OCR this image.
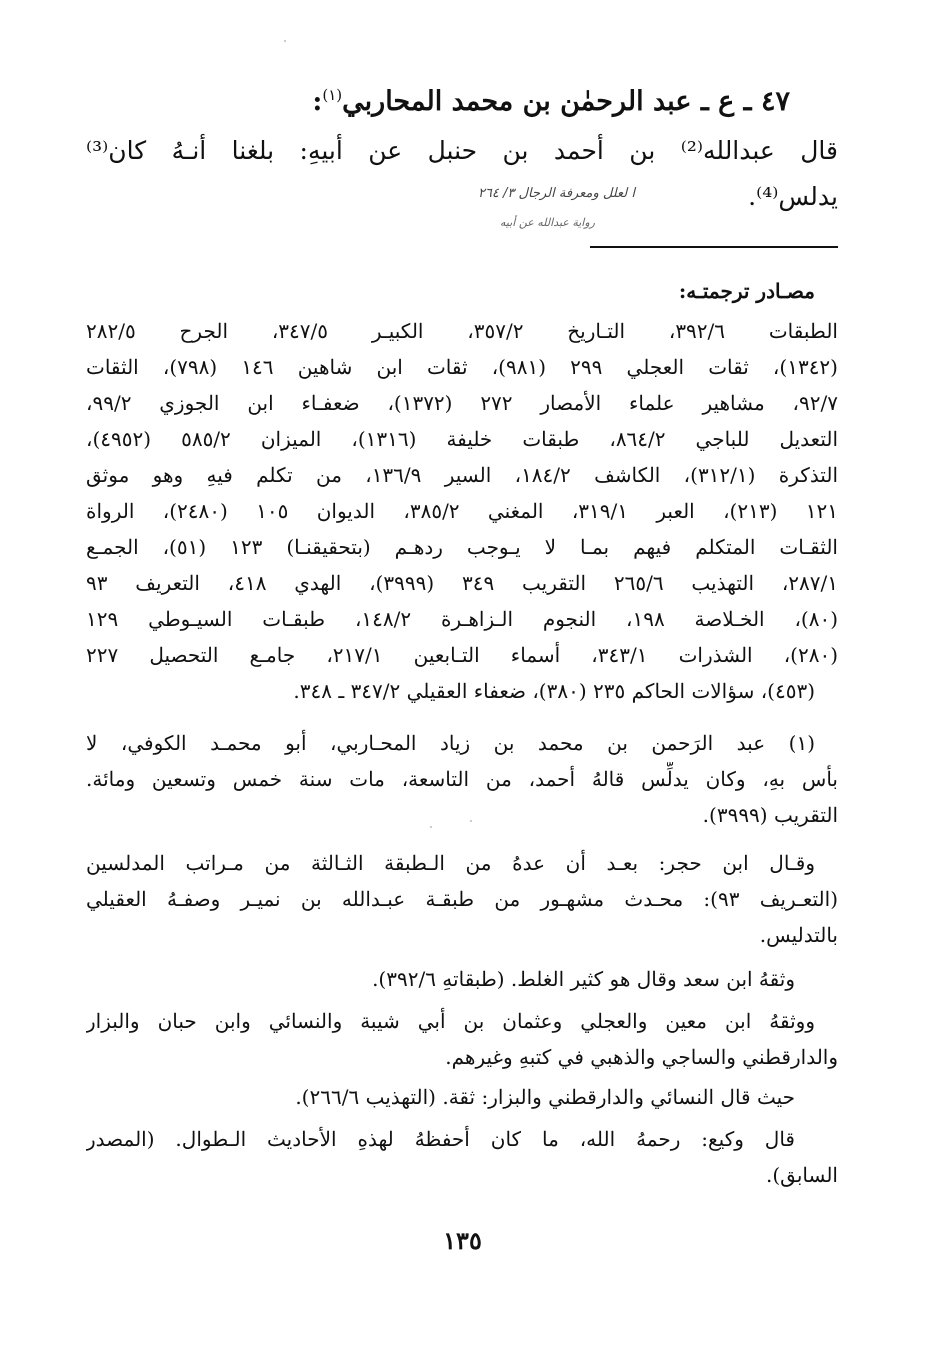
٤٧ ـ ع ـ عبد الرحمٰن بن محمد المحاربي$^{(١)}$:
قال عبدالله⁽²⁾ بن أحمد بن حنبل عن أبيهِ: بلغنا أنـهُ كان⁽³⁾
يدلس⁽⁴⁾.
ا لعلل ومعرفة الرجال ٣/ ٢٦٤
رواية عبدالله عن أبيه
مصـادر ترجمتـه:
الطبقات ٣٩٢/٦، التـاريخ ٣٥٧/٢، الكبيـر ٣٤٧/٥، الجرح ٢٨٢/٥
(١٣٤٢)، ثقات العجلي ٢٩٩ (٩٨١)، ثقات ابن شاهين ١٤٦ (٧٩٨)، الثقات
٩٢/٧، مشاهير علماء الأمصار ٢٧٢ (١٣٧٢)، ضعفـاء ابن الجوزي ٩٩/٢،
التعديل للباجي ٨٦٤/٢، طبقات خليفة (١٣١٦)، الميزان ٥٨٥/٢ (٤٩٥٢)،
التذكرة (٣١٢/١)، الكاشف ١٨٤/٢، السير ١٣٦/٩، من تكلم فيهِ وهو موثق
١٢١ (٢١٣)، العبر ٣١٩/١، المغني ٣٨٥/٢، الديوان ١٠٥ (٢٤٨٠)، الرواة
الثقـات المتكلم فيهم بمـا لا يـوجب ردهـم (بتحقيقنـا) ١٢٣ (٥١)، الجمـع
٢٨٧/١، التهذيب ٢٦٥/٦ التقريب ٣٤٩ (٣٩٩٩)، الهدي ٤١٨، التعريف ٩٣
(٨٠)، الخـلاصة ١٩٨، النجوم الـزاهـرة ١٤٨/٢، طبقـات السيـوطي ١٢٩
(٢٨٠)، الشذرات ٣٤٣/١، أسماء التـابعين ٢١٧/١، جامـع التحصيل ٢٢٧
(٤٥٣)، سؤالات الحاكم ٢٣٥ (٣٨٠)، ضعفاء العقيلي ٣٤٧/٢ ـ ٣٤٨.
(١) عبد الرَحمن بن محمد بن زياد المحـاربي، أبو محمـد الكوفي، لا
بأس بهِ، وكان يدلِّس قالهُ أحمد، من التاسعة، مات سنة خمس وتسعين ومائة.
التقريب (٣٩٩٩).
وقـال ابن حجر: بعـد أن عدهُ من الـطبقة الثـالثة من مـراتب المدلسين
(التعـريف ٩٣): محـدث مشهـور من طبقـة عبـدالله بن نميـر وصفـهُ العقيلي
بالتدليس.
وثقهُ ابن سعد وقال هو كثير الغلط. (طبقاتهِ ٣٩٢/٦).
ووثقهُ ابن معين والعجلي وعثمان بن أبي شيبة والنسائي وابن حبان والبزار
والدارقطني والساجي والذهبي في كتبهِ وغيرهم.
حيث قال النسائي والدارقطني والبزار: ثقة. (التهذيب ٢٦٦/٦).
قال وكيع: رحمهُ الله، ما كان أحفظهُ لهذهِ الأحاديث الـطوال. (المصدر
السابق).
١٣٥
